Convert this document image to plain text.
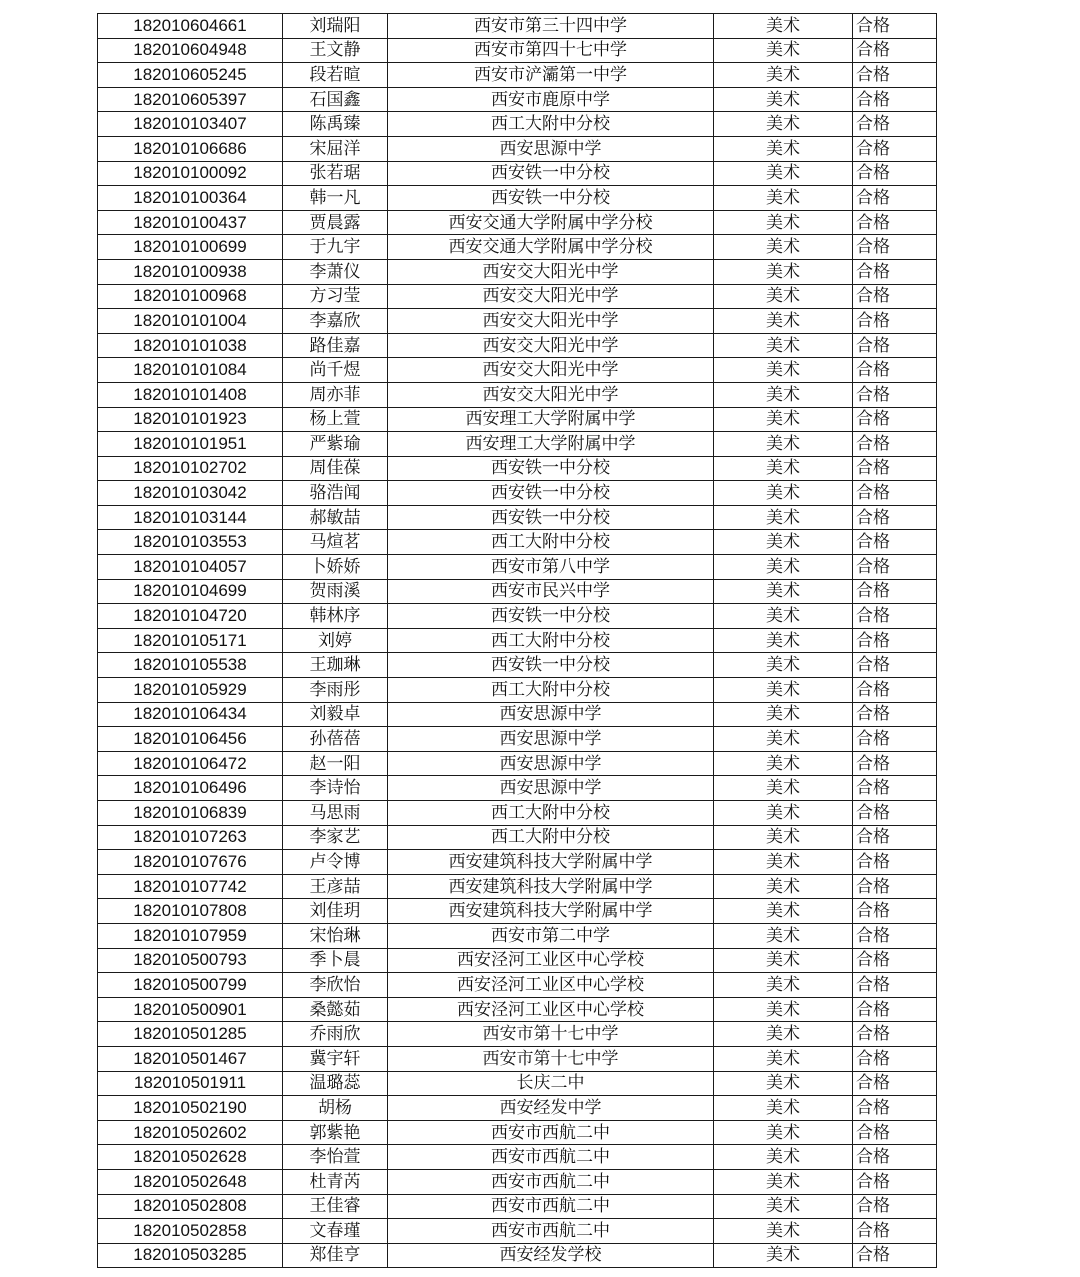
182010604661	刘瑞阳	西安市第三十四中学	美术	合格
182010604948	王文静	西安市第四十七中学	美术	合格
182010605245	段若暄	西安市浐灞第一中学	美术	合格
182010605397	石国鑫	西安市鹿原中学	美术	合格
182010103407	陈禹臻	西工大附中分校	美术	合格
182010106686	宋屈洋	西安思源中学	美术	合格
182010100092	张若琚	西安铁一中分校	美术	合格
182010100364	韩一凡	西安铁一中分校	美术	合格
182010100437	贾晨露	西安交通大学附属中学分校	美术	合格
182010100699	于九宇	西安交通大学附属中学分校	美术	合格
182010100938	李萧仪	西安交大阳光中学	美术	合格
182010100968	方习莹	西安交大阳光中学	美术	合格
182010101004	李嘉欣	西安交大阳光中学	美术	合格
182010101038	路佳嘉	西安交大阳光中学	美术	合格
182010101084	尚千煜	西安交大阳光中学	美术	合格
182010101408	周亦菲	西安交大阳光中学	美术	合格
182010101923	杨上萱	西安理工大学附属中学	美术	合格
182010101951	严紫瑜	西安理工大学附属中学	美术	合格
182010102702	周佳葆	西安铁一中分校	美术	合格
182010103042	骆浩闻	西安铁一中分校	美术	合格
182010103144	郝敏喆	西安铁一中分校	美术	合格
182010103553	马煊茗	西工大附中分校	美术	合格
182010104057	卜娇娇	西安市第八中学	美术	合格
182010104699	贺雨溪	西安市民兴中学	美术	合格
182010104720	韩林序	西安铁一中分校	美术	合格
182010105171	刘婷	西工大附中分校	美术	合格
182010105538	王珈琳	西安铁一中分校	美术	合格
182010105929	李雨彤	西工大附中分校	美术	合格
182010106434	刘毅卓	西安思源中学	美术	合格
182010106456	孙蓓蓓	西安思源中学	美术	合格
182010106472	赵一阳	西安思源中学	美术	合格
182010106496	李诗怡	西安思源中学	美术	合格
182010106839	马思雨	西工大附中分校	美术	合格
182010107263	李家艺	西工大附中分校	美术	合格
182010107676	卢令博	西安建筑科技大学附属中学	美术	合格
182010107742	王彦喆	西安建筑科技大学附属中学	美术	合格
182010107808	刘佳玥	西安建筑科技大学附属中学	美术	合格
182010107959	宋怡琳	西安市第二中学	美术	合格
182010500793	季卜晨	西安泾河工业区中心学校	美术	合格
182010500799	李欣怡	西安泾河工业区中心学校	美术	合格
182010500901	桑懿茹	西安泾河工业区中心学校	美术	合格
182010501285	乔雨欣	西安市第十七中学	美术	合格
182010501467	冀宇轩	西安市第十七中学	美术	合格
182010501911	温璐蕊	长庆二中	美术	合格
182010502190	胡杨	西安经发中学	美术	合格
182010502602	郭紫艳	西安市西航二中	美术	合格
182010502628	李怡萱	西安市西航二中	美术	合格
182010502648	杜青芮	西安市西航二中	美术	合格
182010502808	王佳睿	西安市西航二中	美术	合格
182010502858	文春瑾	西安市西航二中	美术	合格
182010503285	郑佳亨	西安经发学校	美术	合格
